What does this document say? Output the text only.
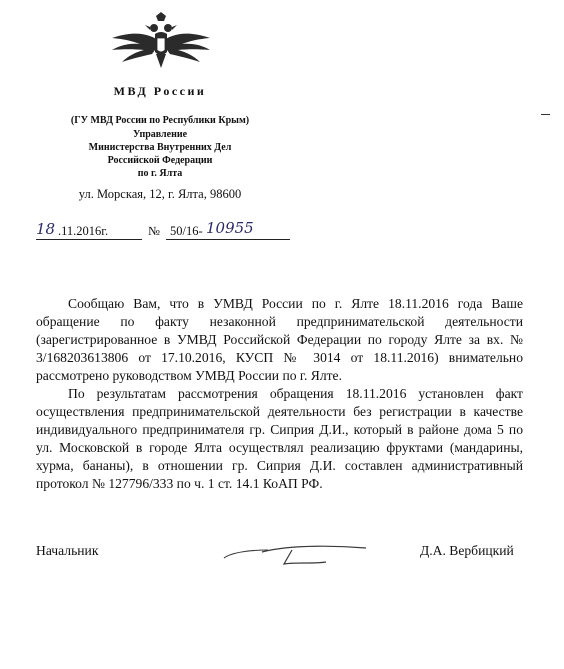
МВД России
(ГУ МВД России по Республики Крым)
Управление
Министерства Внутренних Дел
Российской Федерации
по г. Ялта
ул. Морская, 12, г. Ялта, 98600
18 .11.2016г.	№ 50/16- 10955

Сообщаю Вам, что в УМВД России по г. Ялте 18.11.2016 года Ваше обращение по факту незаконной предпринимательской деятельности (зарегистрированное в УМВД Российской Федерации по городу Ялте за вх. № 3/168203613806 от 17.10.2016, КУСП № 3014 от 18.11.2016) внимательно рассмотрено руководством УМВД России по г. Ялте.

По результатам рассмотрения обращения 18.11.2016 установлен факт осуществления предпринимательской деятельности без регистрации в качестве индивидуального предпринимателя гр. Сиприя Д.И., который в районе дома 5 по ул. Московской в городе Ялта осуществлял реализацию фруктами (мандарины, хурма, бананы), в отношении гр. Сиприя Д.И. составлен административный протокол № 127796/333 по ч. 1 ст. 14.1 КоАП РФ.

Начальник	Д.А. Вербицкий
